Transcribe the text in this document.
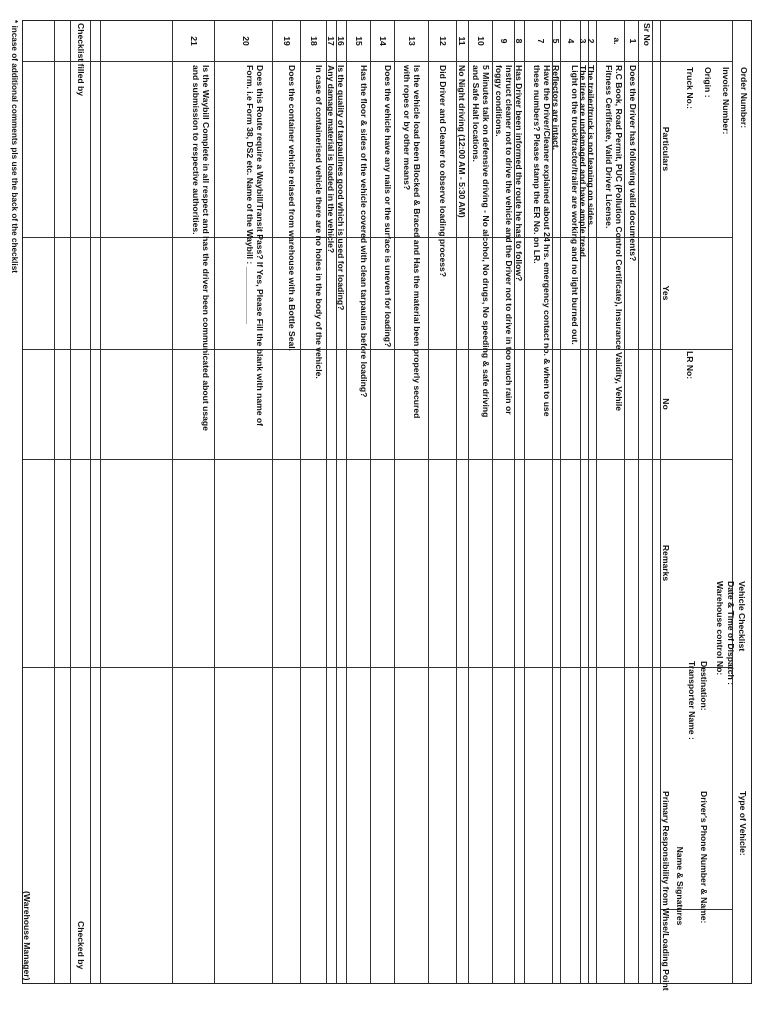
Order Number:
Invoice Number:
Origin :
Truck No.:
LR No:
Vehicle Checklist
Date & Time of Dispatch :
Warehouse control No:
Destination:
Transporter Name :
Type of Vehicle:
Driver's Phone Number & Name:
Name & Signatures
Primary Responsibility from Whse/Loading Point
Sr No
Particulars
Yes
No
Remarks
1
a.
2
3
4
5
7
8
9
10
11
12
13
14
15
16
17
18
19
20
21
Does the Driver has following valid documents?
R.C Book, Road Permit, PUC (Pollution Control Certificate), Insurance Validity, Vehile Fitness Certificate, Valid Driver License.
The trailer/truck is not leaning on sides.
The tires are undamaged and have ample tread.
Light on the truck/tractor/trailer are working and no light burned out.
Reflectors are intact.
Have the Driver/Cleaner explained about 24 hrs. emergency contact no. & when to use these numbers? Please stamp the ER No. on LR.
Has Driver been informed the route he has to follow?
Instruct cleaner not to drive the vehicle and the Driver not to drive in too much rain or foggy conditions.
5 Minutes talk on defensive driving - No alcohol, No drugs, No speeding & safe driving and Safe Halt locations.
No Night driving (12:00 AM - 5:30 AM)
Did Driver and Cleaner to observe loading process?
Is the vehicle load been Blocked & Braced and Has the material been properly secured with ropes or by other means?
Does the vehicle have any nails or the surface is uneven for loading?
Has the floor & sides of the vehicle covered with clean tarpaulins before loading?
Is the quality of tarpaulines good which is used for loading?
Any damage material is loaded in the vehicle?
In case of containerised vehicle there are no holes in the body of the vehicle.
Does the container vehicle relased from warehouse with a Bottle Seal.
Does this Route require a Waybill/Transit Pass? If Yes, Please Fill the blank with name of Form. i.e Form 38, DS2 etc. Name of the Waybill : ____________
Is the Waybill Complete in all respect and has the driver been communicated about usage and submission to respective authorities.
Checklist filled by
Checked by
(Warehouse Manager)
* incase of additional comments pls use the back of the checklist
